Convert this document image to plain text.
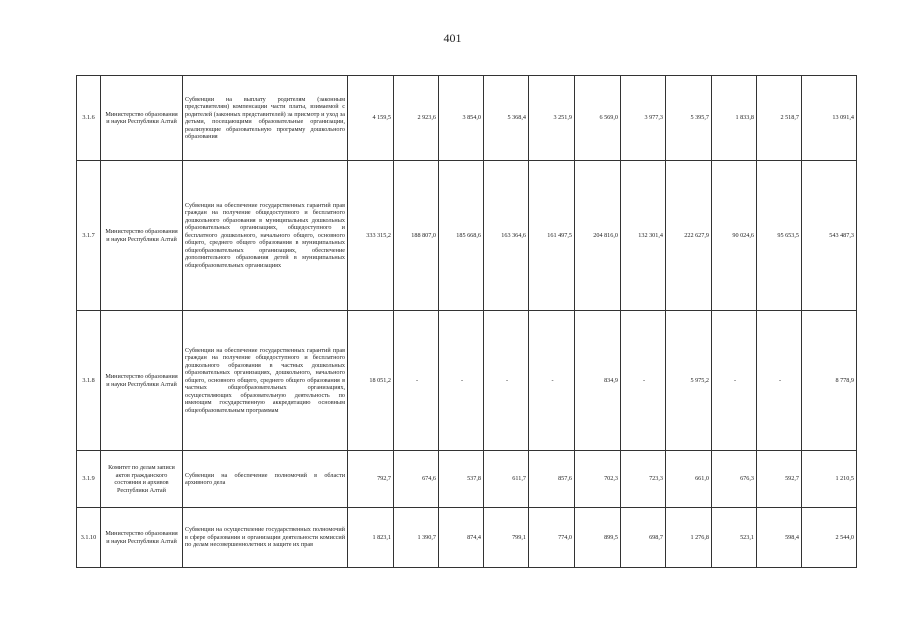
401
3.1.6	Министерство образования и науки Республики Алтай	Субвенции на выплату родителям (законным представителям) компенсации части платы, взимаемой с родителей (законных представителей) за присмотр и уход за детьми, посещающими образовательные организации, реализующие образовательную программу дошкольного образования	4 159,5	2 923,6	3 854,0	5 368,4	3 251,9	6 569,0	3 977,3	5 395,7	1 833,8	2 518,7	13 091,4
3.1.7	Министерство образования и науки Республики Алтай	Субвенции на обеспечение государственных гарантий прав граждан на получение общедоступного и бесплатного дошкольного образования в муниципальных дошкольных образовательных организациях, общедоступного и бесплатного дошкольного, начального общего, основного общего, среднего общего образования в муниципальных общеобразовательных организациях, обеспечение дополнительного образования детей в муниципальных общеобразовательных организациях	333 315,2	188 807,0	185 668,6	163 364,6	161 497,5	204 816,0	132 301,4	222 627,9	90 024,6	95 653,5	543 487,3
3.1.8	Министерство образования и науки Республики Алтай	Субвенции на обеспечение государственных гарантий прав граждан на получение общедоступного и бесплатного дошкольного образования в частных дошкольных образовательных организациях, дошкольного, начального общего, основного общего, среднего общего образования в частных общеобразовательных организациях, осуществляющих образовательную деятельность по имеющим государственную аккредитацию основным общеобразовательным программам	18 051,2	-	-	-	-	834,9	-	5 975,2	-	-	8 778,9
3.1.9	Комитет по делам записи актов гражданского состояния и архивов Республики Алтай	Субвенции на обеспечение полномочий в области архивного дела	792,7	674,6	537,8	611,7	857,6	702,3	723,3	661,0	676,3	592,7	1 210,5
3.1.10	Министерство образования и науки Республики Алтай	Субвенции на осуществление государственных полномочий в сфере образования и организации деятельности комиссий по делам несовершеннолетних и защите их прав	1 823,1	1 390,7	874,4	799,1	774,0	899,5	698,7	1 276,8	523,1	598,4	2 544,0
